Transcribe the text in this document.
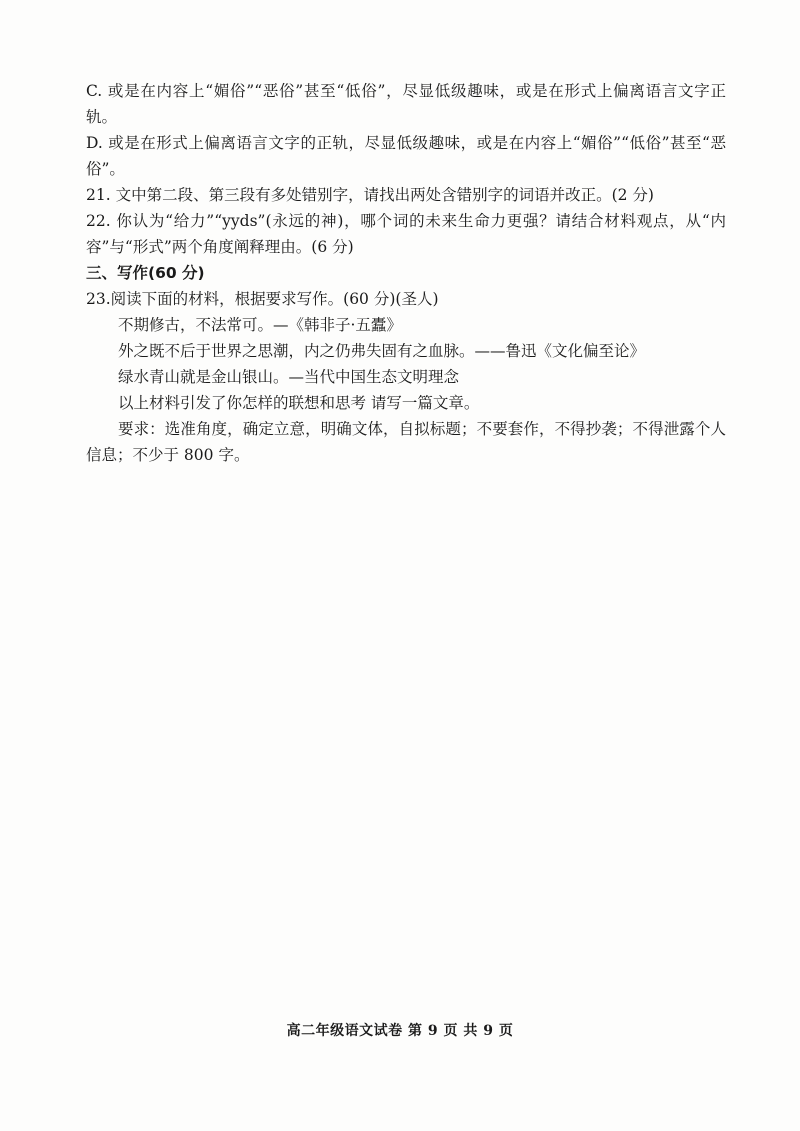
C. 或是在内容上“媚俗”“恶俗”甚至“低俗”，尽显低级趣味，或是在形式上偏离语言文字正轨。

D. 或是在形式上偏离语言文字的正轨，尽显低级趣味，或是在内容上“媚俗”“低俗”甚至“恶俗”。

21. 文中第二段、第三段有多处错别字，请找出两处含错别字的词语并改正。(2 分)

22. 你认为“给力”“yyds”(永远的神)，哪个词的未来生命力更强？请结合材料观点，从“内容”与“形式”两个角度阐释理由。(6 分)

三、写作(60 分)

23.阅读下面的材料，根据要求写作。(60 分)(圣人)

不期修古，不法常可。—《韩非子·五蠹》

外之既不后于世界之思潮，内之仍弗失固有之血脉。——鲁迅《文化偏至论》

绿水青山就是金山银山。—当代中国生态文明理念

以上材料引发了你怎样的联想和思考 请写一篇文章。

要求：选准角度，确定立意，明确文体，自拟标题；不要套作，不得抄袭；不得泄露个人信息；不少于 800 字。

高二年级语文试卷 第 9 页 共 9 页
